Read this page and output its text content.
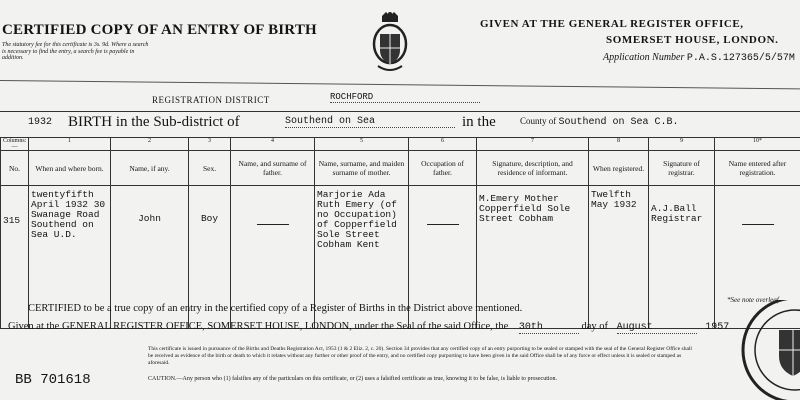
CERTIFIED COPY OF AN ENTRY OF BIRTH
The statutory fee for this certificate is 3s. 9d. Where a search is necessary to find the entry, a search fee is payable in addition.
GIVEN AT THE GENERAL REGISTER OFFICE,
SOMERSET HOUSE, LONDON.
Application Number P.A.S.127365/5/57M
REGISTRATION DISTRICT	ROCHFORD
1932 BIRTH in the Sub-district of	Southend on Sea	in the	County of Southend on Sea C.B.
Columns:—	1	2	3	4	5	6	7	8	9	10*
No.	When and where born.	Name, if any.	Sex.	Name, and surname of father.	Name, surname, and maiden surname of mother.	Occupation of father.	Signature, description, and residence of informant.	When registered.	Signature of registrar.	Name entered after registration.
315	twentyfifth April 1932 30 Swanage Road Southend on Sea U.D.	John	Boy		Marjorie Ada Ruth Emery (of no Occupation) of Copperfield Sole Street Cobham Kent		M.Emery Mother Copperfield Sole Street Cobham	Twelfth May 1932	A.J.Ball Registrar	
CERTIFIED to be a true copy of an entry in the certified copy of a Register of Births in the District above mentioned.
*See note overleaf
Given at the GENERAL REGISTER OFFICE, SOMERSET HOUSE, LONDON, under the Seal of the said Office, the 30th	day of August	1957
This certificate is issued in pursuance of the Births and Deaths Registration Act, 1953 (1 & 2 Eliz. 2, c. 20). Section 34 provides that any certified copy of an entry purporting to be sealed or stamped with the seal of the General Register Office shall be received as evidence of the birth or death to which it relates without any further or other proof of the entry, and no certified copy purporting to have been given in the said Office shall be of any force or effect unless it is sealed or stamped as aforesaid.
CAUTION.—Any person who (1) falsifies any of the particulars on this certificate, or (2) uses a falsified certificate as true, knowing it to be false, is liable to prosecution.
BB 701618
